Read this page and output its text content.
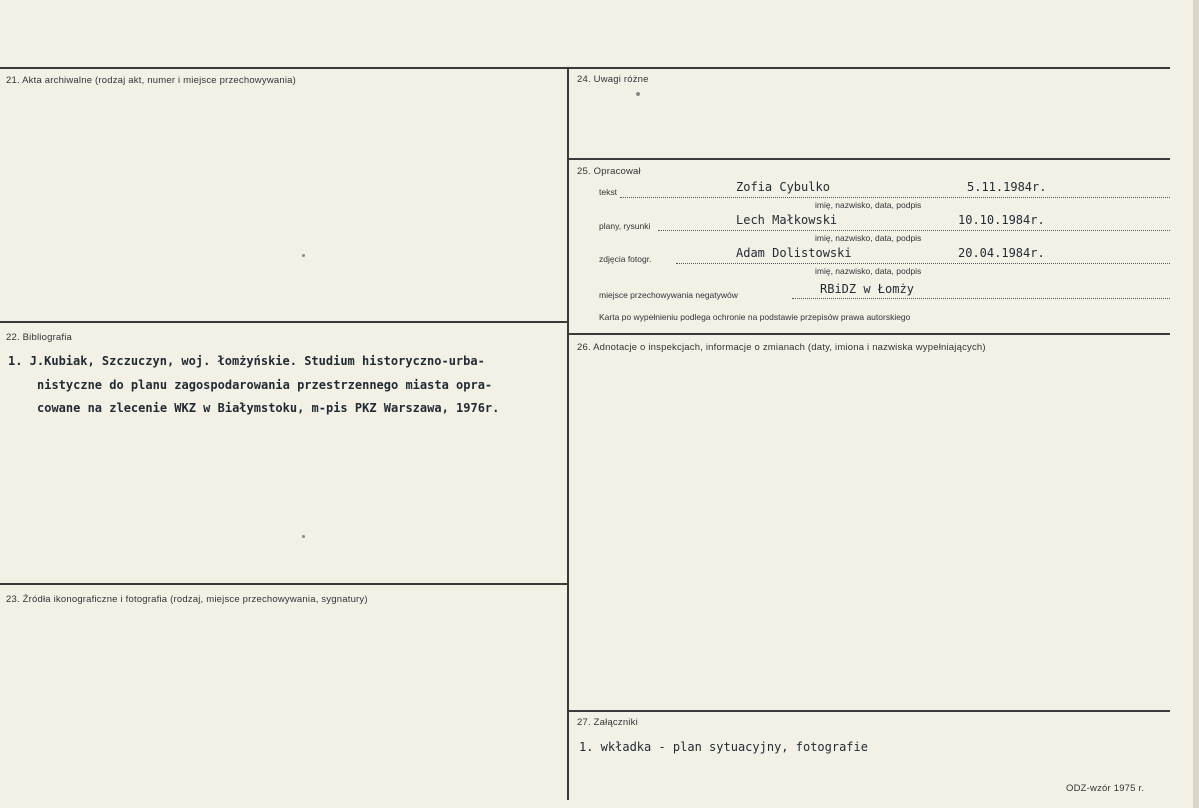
21. Akta archiwalne (rodzaj akt, numer i miejsce przechowywania)
22. Bibliografia
1. J.Kubiak, Szczuczyn, woj. łomżyńskie. Studium historyczno-urba-
nistyczne do planu zagospodarowania przestrzennego miasta opra-
cowane na zlecenie WKZ w Białymstoku, m-pis PKZ Warszawa, 1976r.
23. Źródła ikonograficzne i fotografia (rodzaj, miejsce przechowywania, sygnatury)
24. Uwagi różne
25. Opracował
tekst	Zofia Cybulko	5.11.1984r.
imię, nazwisko, data, podpis
plany, rysunki	Lech Małkowski	10.10.1984r.
imię, nazwisko, data, podpis
zdjęcia fotogr.	Adam Dolistowski	20.04.1984r.
imię, nazwisko, data, podpis
miejsce przechowywania negatywów	RBiDZ w Łomży
Karta po wypełnieniu podlega ochronie na podstawie przepisów prawa autorskiego
26. Adnotacje o inspekcjach, informacje o zmianach (daty, imiona i nazwiska wypełniających)
27. Załączniki
1. wkładka - plan sytuacyjny, fotografie
ODZ-wzór 1975 r.
